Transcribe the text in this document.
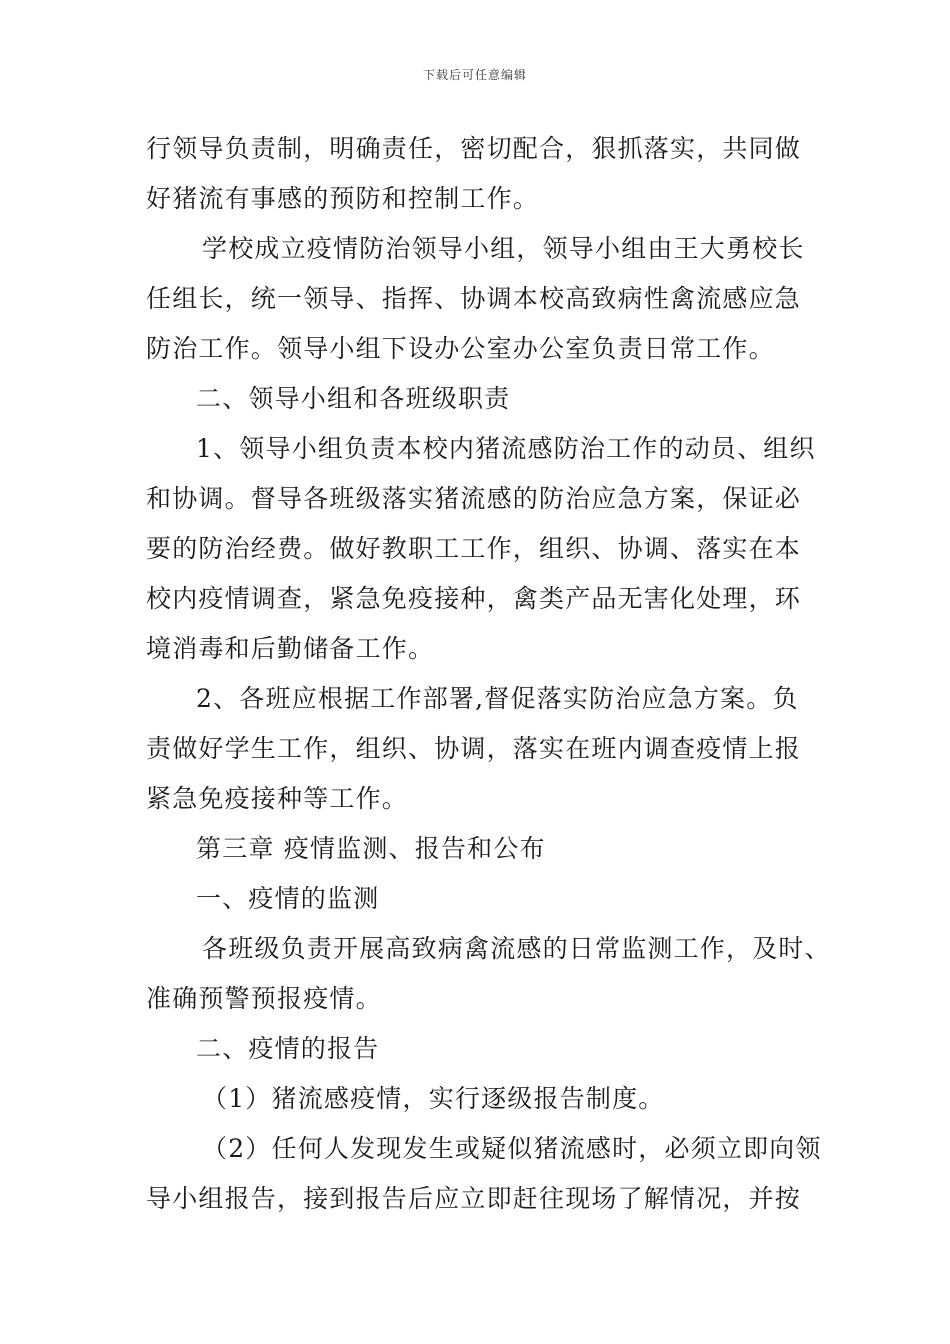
下载后可任意编辑
行领导负责制，明确责任，密切配合，狠抓落实，共同做
好猪流有事感的预防和控制工作。
学校成立疫情防治领导小组，领导小组由王大勇校长
任组长，统一领导、指挥、协调本校高致病性禽流感应急
防治工作。领导小组下设办公室办公室负责日常工作。
二、领导小组和各班级职责
1、领导小组负责本校内猪流感防治工作的动员、组织
和协调。督导各班级落实猪流感的防治应急方案，保证必
要的防治经费。做好教职工工作，组织、协调、落实在本
校内疫情调查，紧急免疫接种，禽类产品无害化处理，环
境消毒和后勤储备工作。
2、各班应根据工作部署,督促落实防治应急方案。负
责做好学生工作，组织、协调，落实在班内调查疫情上报
紧急免疫接种等工作。
第三章 疫情监测、报告和公布
一、疫情的监测
各班级负责开展高致病禽流感的日常监测工作，及时、
准确预警预报疫情。
二、疫情的报告
（1）猪流感疫情，实行逐级报告制度。
（2）任何人发现发生或疑似猪流感时，必须立即向领
导小组报告，接到报告后应立即赶往现场了解情况，并按
